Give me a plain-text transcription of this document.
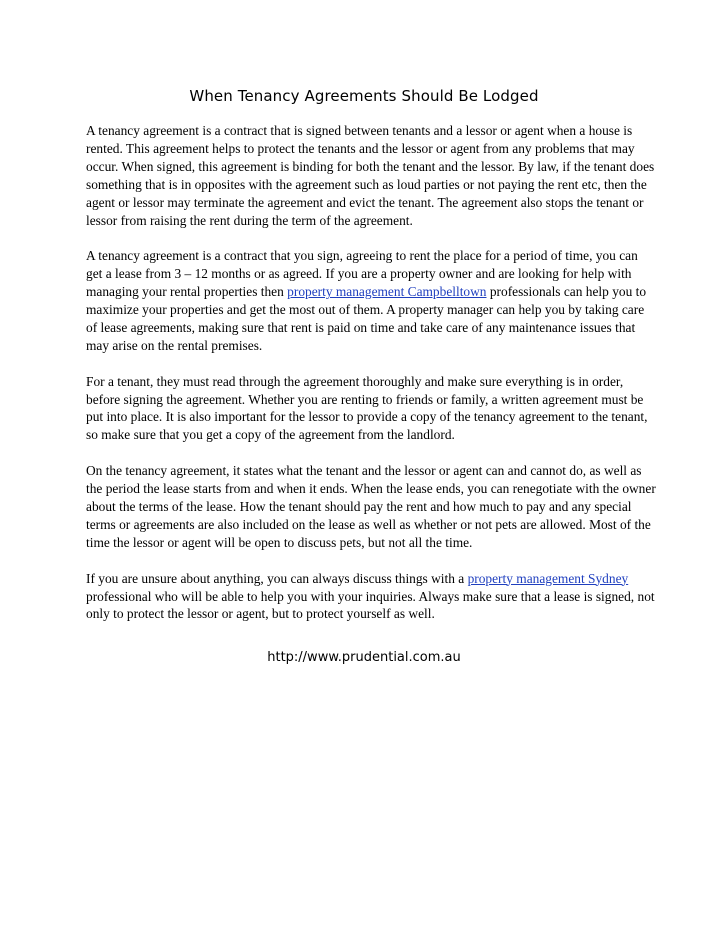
When Tenancy Agreements Should Be Lodged

A tenancy agreement is a contract that is signed between tenants and a lessor or agent when a house is rented. This agreement helps to protect the tenants and the lessor or agent from any problems that may occur. When signed, this agreement is binding for both the tenant and the lessor. By law, if the tenant does something that is in opposites with the agreement such as loud parties or not paying the rent etc, then the agent or lessor may terminate the agreement and evict the tenant. The agreement also stops the tenant or lessor from raising the rent during the term of the agreement.

A tenancy agreement is a contract that you sign, agreeing to rent the place for a period of time, you can get a lease from 3 – 12 months or as agreed. If you are a property owner and are looking for help with managing your rental properties then property management Campbelltown professionals can help you to maximize your properties and get the most out of them. A property manager can help you by taking care of lease agreements, making sure that rent is paid on time and take care of any maintenance issues that may arise on the rental premises.

For a tenant, they must read through the agreement thoroughly and make sure everything is in order, before signing the agreement. Whether you are renting to friends or family, a written agreement must be put into place. It is also important for the lessor to provide a copy of the tenancy agreement to the tenant, so make sure that you get a copy of the agreement from the landlord.

On the tenancy agreement, it states what the tenant and the lessor or agent can and cannot do, as well as the period the lease starts from and when it ends. When the lease ends, you can renegotiate with the owner about the terms of the lease. How the tenant should pay the rent and how much to pay and any special terms or agreements are also included on the lease as well as whether or not pets are allowed. Most of the time the lessor or agent will be open to discuss pets, but not all the time.

If you are unsure about anything, you can always discuss things with a property management Sydney professional who will be able to help you with your inquiries. Always make sure that a lease is signed, not only to protect the lessor or agent, but to protect yourself as well.

http://www.prudential.com.au
